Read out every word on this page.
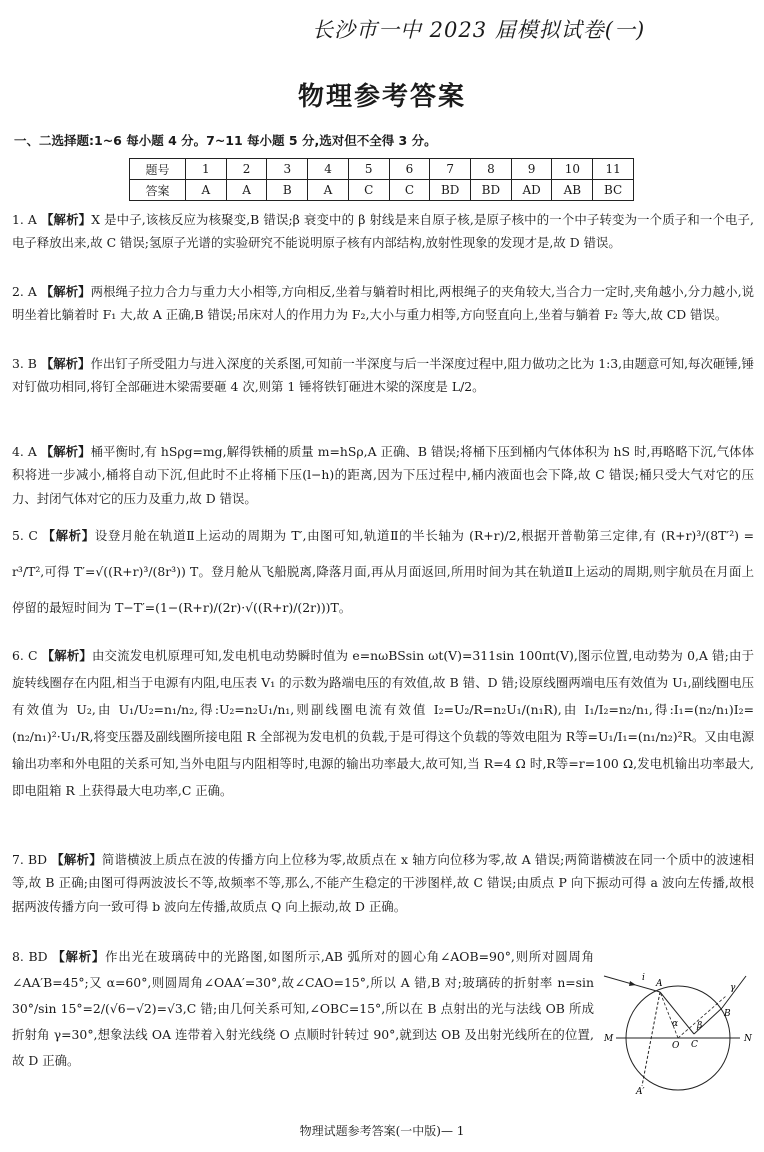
长沙市一中 2023 届模拟试卷(一)
物理参考答案
一、二选择题:1~6 每小题 4 分。7~11 每小题 5 分,选对但不全得 3 分。
题号	1	2	3	4	5	6	7	8	9	10	11
答案	A	A	B	A	C	C	BD	BD	AD	AB	BC
1. A 【解析】X 是中子,该核反应为核聚变,B 错误;β 衰变中的 β 射线是来自原子核,是原子核中的一个中子转变为一个质子和一个电子,电子释放出来,故 C 错误;氢原子光谱的实验研究不能说明原子核有内部结构,放射性现象的发现才是,故 D 错误。
2. A 【解析】两根绳子拉力合力与重力大小相等,方向相反,坐着与躺着时相比,两根绳子的夹角较大,当合力一定时,夹角越小,分力越小,说明坐着比躺着时 F₁ 大,故 A 正确,B 错误;吊床对人的作用力为 F₂,大小与重力相等,方向竖直向上,坐着与躺着 F₂ 等大,故 CD 错误。
3. B 【解析】作出钉子所受阻力与进入深度的关系图,可知前一半深度与后一半深度过程中,阻力做功之比为 1:3,由题意可知,每次砸锤,锤对钉做功相同,将钉全部砸进木梁需要砸 4 次,则第 1 锤将铁钉砸进木梁的深度是 L/2。
4. A 【解析】桶平衡时,有 hSρg=mg,解得铁桶的质量 m=hSρ,A 正确、B 错误;将桶下压到桶内气体体积为 hS 时,再略略下沉,气体体积将进一步减小,桶将自动下沉,但此时不止将桶下压(l−h)的距离,因为下压过程中,桶内液面也会下降,故 C 错误;桶只受大气对它的压力、封闭气体对它的压力及重力,故 D 错误。
5. C 【解析】设登月舱在轨道Ⅱ上运动的周期为 T′,由图可知,轨道Ⅱ的半长轴为 (R+r)/2,根据开普勒第三定律,有 (R+r)³/(8T′²) = r³/T²,可得 T′=√((R+r)³/(8r³)) T。登月舱从飞船脱离,降落月面,再从月面返回,所用时间为其在轨道Ⅱ上运动的周期,则宇航员在月面上停留的最短时间为 T−T′=(1−(R+r)/(2r)·√((R+r)/(2r)))T。
6. C 【解析】由交流发电机原理可知,发电机电动势瞬时值为 e=nωBSsin ωt(V)=311sin 100πt(V),图示位置,电动势为 0,A 错;由于旋转线圈存在内阻,相当于电源有内阻,电压表 V₁ 的示数为路端电压的有效值,故 B 错、D 错;设原线圈两端电压有效值为 U₁,副线圈电压有效值为 U₂,由 U₁/U₂=n₁/n₂,得:U₂=n₂U₁/n₁,则副线圈电流有效值 I₂=U₂/R=n₂U₁/(n₁R),由 I₁/I₂=n₂/n₁,得:I₁=(n₂/n₁)I₂=(n₂/n₁)²·U₁/R,将变压器及副线圈所接电阻 R 全部视为发电机的负载,于是可得这个负载的等效电阻为 R等=U₁/I₁=(n₁/n₂)²R。又由电源输出功率和外电阻的关系可知,当外电阻与内阻相等时,电源的输出功率最大,故可知,当 R=4 Ω 时,R等=r=100 Ω,发电机输出功率最大,即电阻箱 R 上获得最大电功率,C 正确。
7. BD 【解析】简谐横波上质点在波的传播方向上位移为零,故质点在 x 轴方向位移为零,故 A 错误;两简谐横波在同一个质中的波速相等,故 B 正确;由图可得两波波长不等,故频率不等,那么,不能产生稳定的干涉图样,故 C 错误;由质点 P 向下振动可得 a 波向左传播,故根据两波传播方向一致可得 b 波向左传播,故质点 Q 向上振动,故 D 正确。
8. BD 【解析】作出光在玻璃砖中的光路图,如图所示,AB 弧所对的圆心角∠AOB=90°,则所对圆周角∠AA′B=45°;又 α=60°,则圆周角∠OAA′=30°,故∠CAO=15°,所以 A 错,B 对;玻璃砖的折射率 n=sin 30°/sin 15°=2/(√6−√2)=√3,C 错;由几何关系可知,∠OBC=15°,所以在 B 点射出的光与法线 OB 所成折射角 γ=30°,想象法线 OA 连带着入射光线绕 O 点顺时针转过 90°,就到达 OB 及出射光线所在的位置,故 D 正确。
A
A′
B
C
O
M	N
α β
i
γ
物理试题参考答案(一中版)— 1
